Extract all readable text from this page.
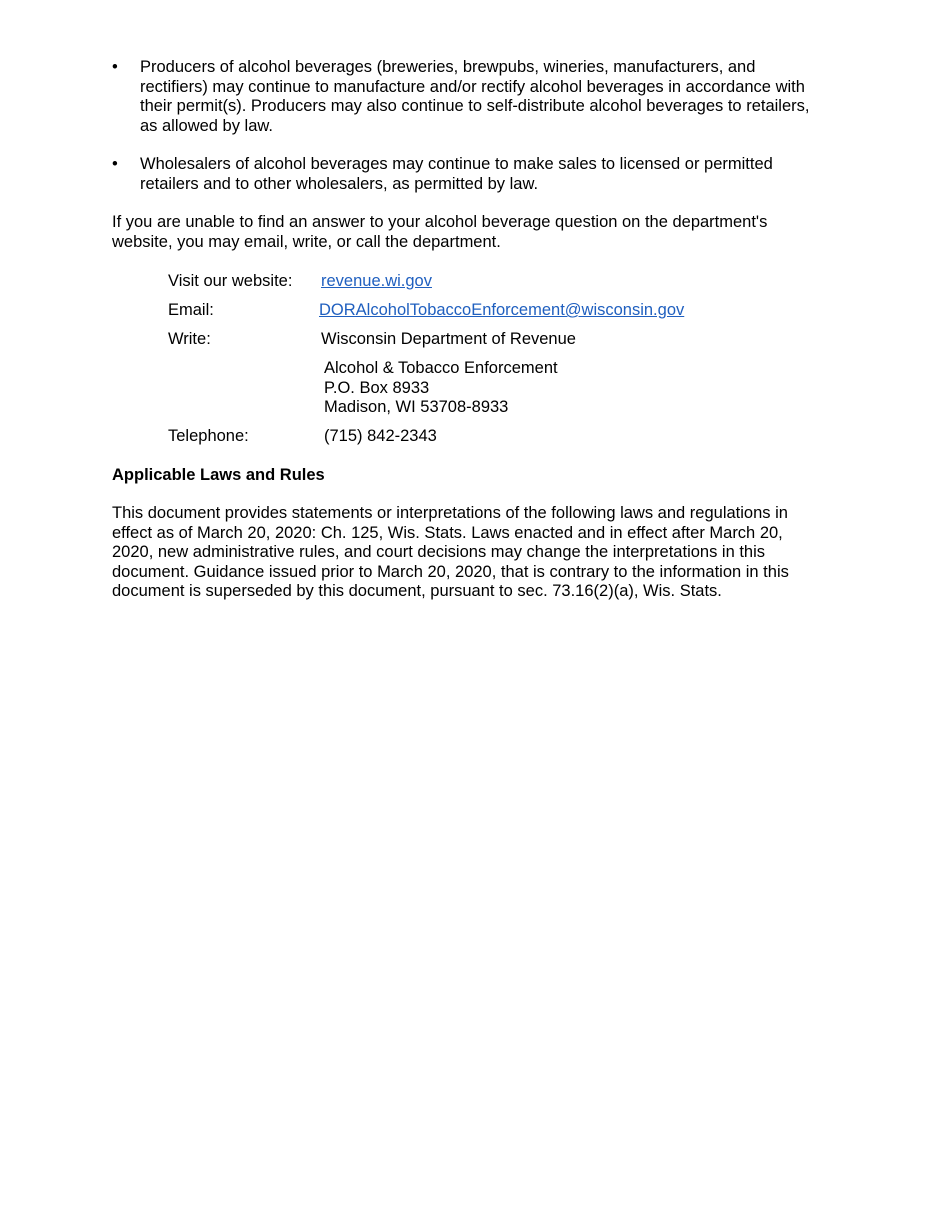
•	Producers of alcohol beverages (breweries, brewpubs, wineries, manufacturers, and
rectifiers) may continue to manufacture and/or rectify alcohol beverages in accordance with
their permit(s). Producers may also continue to self-distribute alcohol beverages to retailers,
as allowed by law.
•	Wholesalers of alcohol beverages may continue to make sales to licensed or permitted
retailers and to other wholesalers, as permitted by law.
If you are unable to find an answer to your alcohol beverage question on the department's
website, you may email, write, or call the department.
Visit our website: revenue.wi.gov
Email:	DORAlcoholTobaccoEnforcement@wisconsin.gov
Write:	Wisconsin Department of Revenue
Alcohol & Tobacco Enforcement
P.O. Box 8933
Madison, WI 53708-8933
Telephone:	(715) 842-2343
Applicable Laws and Rules
This document provides statements or interpretations of the following laws and regulations in
effect as of March 20, 2020: Ch. 125, Wis. Stats. Laws enacted and in effect after March 20,
2020, new administrative rules, and court decisions may change the interpretations in this
document. Guidance issued prior to March 20, 2020, that is contrary to the information in this
document is superseded by this document, pursuant to sec. 73.16(2)(a), Wis. Stats.
